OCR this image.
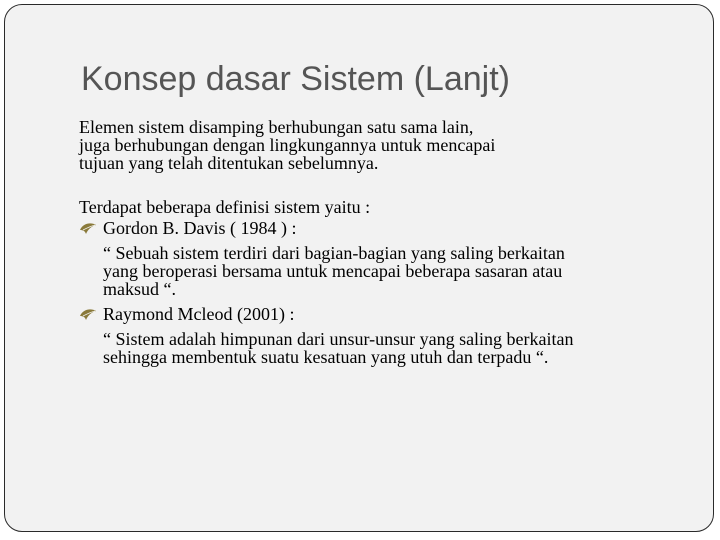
Konsep dasar Sistem (Lanjt)

Elemen sistem disamping berhubungan satu sama lain,
juga berhubungan dengan lingkungannya untuk mencapai
tujuan yang telah ditentukan sebelumnya.

Terdapat beberapa definisi sistem yaitu :

Gordon B. Davis ( 1984 ) :
“ Sebuah sistem terdiri dari bagian-bagian yang saling berkaitan
yang beroperasi bersama untuk mencapai beberapa sasaran atau
maksud “.
Raymond Mcleod (2001) :
“ Sistem adalah himpunan dari unsur-unsur yang saling berkaitan
sehingga membentuk suatu kesatuan yang utuh dan terpadu “.
